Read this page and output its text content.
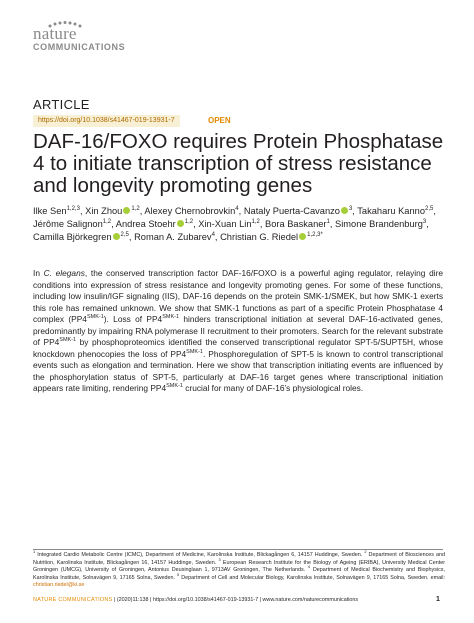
nature
COMMUNICATIONS
ARTICLE
https://doi.org/10.1038/s41467-019-13931-7	OPEN
DAF-16/FOXO requires Protein Phosphatase 4 to initiate transcription of stress resistance and longevity promoting genes
Ilke Sen$^{1,2,3}$, Xin Zhou $^{1,2}$, Alexey Chernobrovkin$^4$, Nataly Puerta-Cavanzo $^3$, Takaharu Kanno$^{2,5}$, Jérôme Salignon$^{1,2}$, Andrea Stoehr $^{1,2}$, Xin-Xuan Lin$^{1,2}$, Bora Baskaner$^1$, Simone Brandenburg$^3$, Camilla Björkegren $^{2,5}$, Roman A. Zubarev$^4$, Christian G. Riedel $^{1,2,3*}$
In C. elegans, the conserved transcription factor DAF-16/FOXO is a powerful aging regulator, relaying dire conditions into expression of stress resistance and longevity promoting genes. For some of these functions, including low insulin/IGF signaling (IIS), DAF-16 depends on the protein SMK-1/SMEK, but how SMK-1 exerts this role has remained unknown. We show that SMK-1 functions as part of a specific Protein Phosphatase 4 complex $(PP4^{SMK-1})$. Loss of $PP4^{SMK-1}$ hinders transcriptional initiation at several DAF-16-activated genes, predominantly by impairing RNA polymerase II recruitment to their promoters. Search for the relevant substrate of $PP4^{SMK-1}$ by phosphoproteomics identified the conserved transcriptional regulator SPT-5/SUPT5H, whose knockdown phenocopies the loss of $PP4^{SMK-1}$. Phosphoregulation of SPT-5 is known to control transcriptional events such as elongation and termination. Here we show that transcription initiating events are influenced by the phosphorylation status of SPT-5, particularly at DAF-16 target genes where transcriptional initiation appears rate limiting, rendering $PP4^{SMK-1}$ crucial for many of DAF-16’s physiological roles.
$^1$ Integrated Cardio Metabolic Centre (ICMC), Department of Medicine, Karolinska Institute, Blickagången 6, 14157 Huddinge, Sweden. $^2$ Department of Biosciences and Nutrition, Karolinska Institute, Blickagången 16, 14157 Huddinge, Sweden. $^3$ European Research Institute for the Biology of Ageing (ERIBA), University Medical Center Groningen (UMCG), University of Groningen, Antonius Deusinglaan 1, 9713AV Groningen, The Netherlands. $^4$ Department of Medical Biochemistry and Biophysics, Karolinska Institute, Solnavägen 9, 17165 Solna, Sweden. $^5$ Department of Cell and Molecular Biology, Karolinska Institute, Solnavägen 9, 17165 Solna, Sweden. email: christian.riedel@ki.se
NATURE COMMUNICATIONS | (2020)11:138 | https://doi.org/10.1038/s41467-019-13931-7 | www.nature.com/naturecommunications	1
